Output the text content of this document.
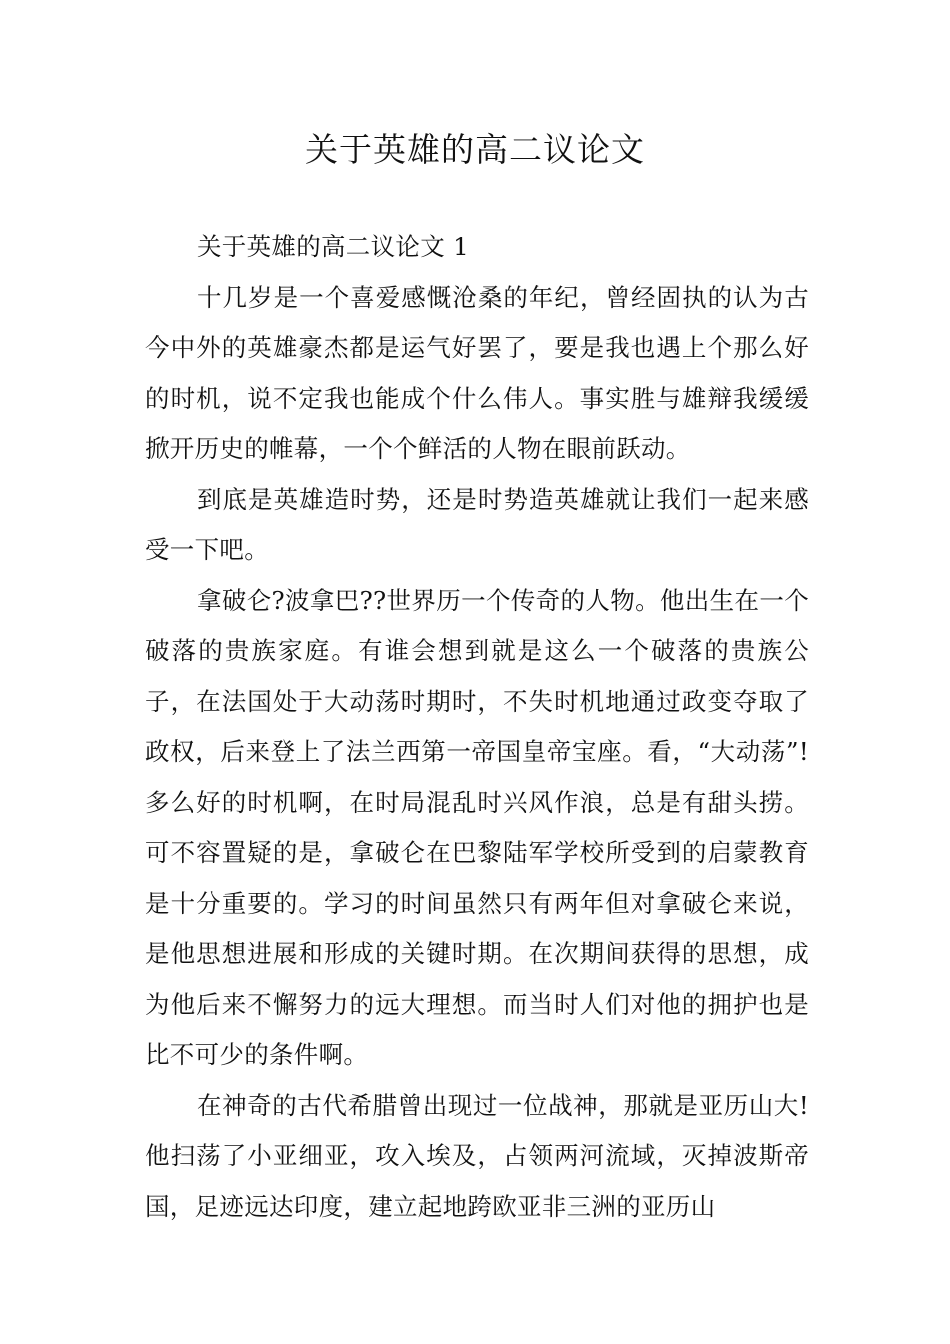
关于英雄的高二议论文

关于英雄的高二议论文 1

十几岁是一个喜爱感慨沧桑的年纪，曾经固执的认为古今中外的英雄豪杰都是运气好罢了，要是我也遇上个那么好的时机，说不定我也能成个什么伟人。事实胜与雄辩我缓缓掀开历史的帷幕，一个个鲜活的人物在眼前跃动。

到底是英雄造时势，还是时势造英雄就让我们一起来感受一下吧。

拿破仑?波拿巴??世界历一个传奇的人物。他出生在一个破落的贵族家庭。有谁会想到就是这么一个破落的贵族公子，在法国处于大动荡时期时，不失时机地通过政变夺取了政权，后来登上了法兰西第一帝国皇帝宝座。看，“大动荡”!多么好的时机啊，在时局混乱时兴风作浪，总是有甜头捞。可不容置疑的是，拿破仑在巴黎陆军学校所受到的启蒙教育是十分重要的。学习的时间虽然只有两年但对拿破仑来说，是他思想进展和形成的关键时期。在次期间获得的思想，成为他后来不懈努力的远大理想。而当时人们对他的拥护也是比不可少的条件啊。

在神奇的古代希腊曾出现过一位战神，那就是亚历山大!他扫荡了小亚细亚，攻入埃及，占领两河流域，灭掉波斯帝国，足迹远达印度，建立起地跨欧亚非三洲的亚历山
